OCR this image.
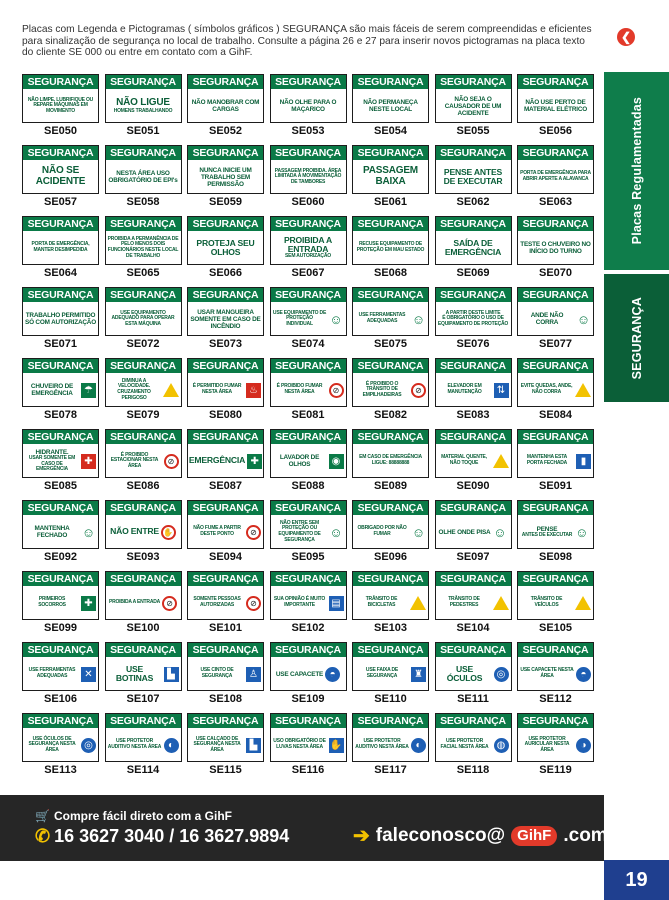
Placas com Legenda e Pictogramas ( símbolos gráficos ) SEGURANÇA são mais fáceis de serem compreendidas e eficientes para sinalização de segurança no local de trabalho. Consulte a página 26 e 27 para inserir novos pictogramas na placa texto do cliente SE 000 ou entre em contato com a GihF.
❮
SEGURANÇA
NÃO LIMPE, LUBRIFIQUE OU REPARE MÁQUINAS EM MOVIMENTO
SE050
SEGURANÇA
NÃO LIGUE
HOMENS TRABALHANDO
SE051
SEGURANÇA
NÃO MANOBRAR COM CARGAS
SE052
SEGURANÇA
NÃO OLHE PARA O MAÇARICO
SE053
SEGURANÇA
NÃO PERMANEÇA NESTE LOCAL
SE054
SEGURANÇA
NÃO SEJA O CAUSADOR DE UM ACIDENTE
SE055
SEGURANÇA
NÃO USE PERTO DE MATERIAL ELÉTRICO
SE056
SEGURANÇA
NÃO SE ACIDENTE
SE057
SEGURANÇA
NESTA ÁREA USO OBRIGATÓRIO DE EPI's
SE058
SEGURANÇA
NUNCA INICIE UM TRABALHO SEM PERMISSÃO
SE059
SEGURANÇA
PASSAGEM PROIBIDA. ÁREA LIMITADA À MOVIMENTAÇÃO DE TAMBORES
SE060
SEGURANÇA
PASSAGEM BAIXA
SE061
SEGURANÇA
PENSE ANTES DE EXECUTAR
SE062
SEGURANÇA
PORTA DE EMERGÊNCIA PARA ABRIR APERTE A ALAVANCA
SE063
SEGURANÇA
PORTA DE EMERGÊNCIA, MANTER DESIMPEDIDA
SE064
SEGURANÇA
PROIBIDA A PERMANÊNCIA DE PELO MENOS DOIS FUNCIONÁRIOS NESTE LOCAL DE TRABALHO
SE065
SEGURANÇA
PROTEJA SEU OLHOS
SE066
SEGURANÇA
PROIBIDA A ENTRADA
SEM AUTORIZAÇÃO
SE067
SEGURANÇA
RECUSE EQUIPAMENTO DE PROTEÇÃO EM MAU ESTADO
SE068
SEGURANÇA
SAÍDA DE EMERGÊNCIA
SE069
SEGURANÇA
TESTE O CHUVEIRO NO INÍCIO DO TURNO
SE070
SEGURANÇA
TRABALHO PERMITIDO SÓ COM AUTORIZAÇÃO
SE071
SEGURANÇA
USE EQUIPAMENTO ADEQUADO PARA OPERAR ESTA MÁQUINA
SE072
SEGURANÇA
USAR MANGUEIRA SOMENTE EM CASO DE INCÊNDIO
SE073
SEGURANÇA
USE EQUIPAMENTO DE PROTEÇÃO INDIVIDUAL	☺
SE074
SEGURANÇA
USE FERRAMENTAS ADEQUADAS	☺
SE075
SEGURANÇA
A PARTIR DESTE LIMITE
É OBRIGATÓRIO O USO DE EQUIPAMENTO DE PROTEÇÃO
SE076
SEGURANÇA
ANDE NÃO CORRA	☺
SE077
SEGURANÇA
CHUVEIRO DE EMERGÊNCIA	☂
SE078
SEGURANÇA
DIMINUA A VELOCIDADE. CRUZAMENTO PERIGOSO
SE079
SEGURANÇA
É PERMITIDO FUMAR NESTA ÁREA	♨
SE080
SEGURANÇA
É PROIBIDO FUMAR NESTA ÁREA	⊘
SE081
SEGURANÇA
É PROIBIDO O TRÂNSITO DE EMPILHADEIRAS
⊘
SE082
SEGURANÇA
ELEVADOR EM MANUTENÇÃO	⇅
SE083
SEGURANÇA
EVITE QUEDAS, ANDE, NÃO CORRA
SE084
SEGURANÇA
HIDRANTE.
USAR SOMENTE EM CASO DE EMERGÊNCIA
✚
SE085
SEGURANÇA
É PROIBIDO ESTACIONAR NESTA ÁREA
⊘
SE086
SEGURANÇA
EMERGÊNCIA ✚
SE087
SEGURANÇA
LAVADOR DE OLHOS	◉
SE088
SEGURANÇA
EM CASO DE EMERGÊNCIA
LIGUE: 88888888
SE089
SEGURANÇA
MATERIAL QUENTE, NÃO TOQUE
SE090
SEGURANÇA
MANTENHA ESTA PORTA FECHADA	▮
SE091
SEGURANÇA
MANTENHA FECHADO	☺
SE092
SEGURANÇA
NÃO ENTRE ✋
SE093
SEGURANÇA
NÃO FUME A PARTIR DESTE PONTO	⊘
SE094
SEGURANÇA
NÃO ENTRE SEM PROTEÇÃO OU EQUIPAMENTO DE SEGURANÇA
☺
SE095
SEGURANÇA
OBRIGADO POR NÃO FUMAR	☺
SE096
SEGURANÇA
OLHE ONDE PISA ☺
SE097
SEGURANÇA
PENSE
ANTES DE EXECUTAR ☺
SE098
SEGURANÇA
PRIMEIROS SOCORROS	✚
SE099
SEGURANÇA
PROIBIDA A ENTRADA ⊘
SE100
SEGURANÇA
SOMENTE PESSOAS AUTORIZADAS	⊘
SE101
SEGURANÇA
SUA OPINIÃO É MUITO IMPORTANTE	▤
SE102
SEGURANÇA
TRÂNSITO DE BICICLETAS
SE103
SEGURANÇA
TRÂNSITO DE PEDESTRES
SE104
SEGURANÇA
TRÂNSITO DE VEÍCULOS
SE105
SEGURANÇA
USE FERRAMENTAS ADEQUADAS	✕
SE106
SEGURANÇA
USE BOTINAS	▙
SE107
SEGURANÇA
USE CINTO DE SEGURANÇA	♙
SE108
SEGURANÇA
USE CAPACETE ◓
SE109
SEGURANÇA
USE FAIXA DE SEGURANÇA	♜
SE110
SEGURANÇA
USE ÓCULOS	◎
SE111
SEGURANÇA
USE CAPACETE NESTA ÁREA	◓
SE112
SEGURANÇA
USE ÓCULOS DE SEGURANÇA NESTA ÁREA	◎
SE113
SEGURANÇA
USE PROTETOR AUDITIVO NESTA ÁREA ◐
SE114
SEGURANÇA
USE CALÇADO DE SEGURANÇA NESTA ÁREA	▙
SE115
SEGURANÇA
USO OBRIGATÓRIO DE LUVAS NESTA ÁREA ✋
SE116
SEGURANÇA
USE PROTETOR AUDITIVO NESTA ÁREA ◐
SE117
SEGURANÇA
USE PROTETOR FACIAL NESTA ÁREA ◍
SE118
SEGURANÇA
USE PROTETOR AURICULAR NESTA ÁREA	◑
SE119
Placas Regulamentadas
SEGURANÇA
🛒 Compre fácil direto com a GihF
✆ 16 3627 3040 / 16 3627.9894	➔ faleconosco@ GihF .com.br
19
